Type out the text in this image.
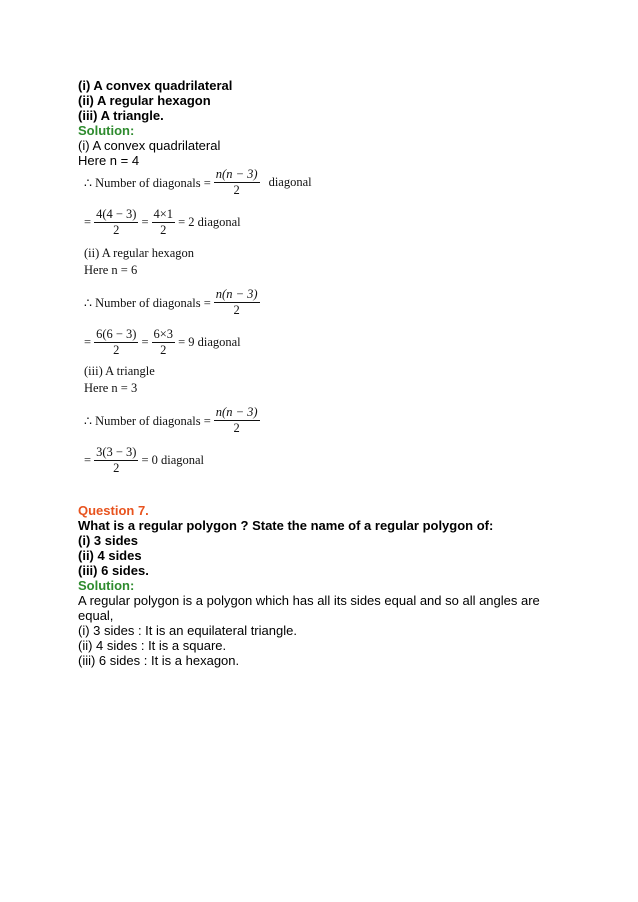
(i) A convex quadrilateral
(ii) A regular hexagon
(iii) A triangle.
Solution:
(i) A convex quadrilateral
Here n = 4
∴ Number of diagonals = $\frac{n(n - 3)}{2}$ diagonal
= $\frac{4(4 - 3)}{2} = \frac{4\times 1}{2} = 2$ diagonal
(ii) A regular hexagon
Here n = 6
∴ Number of diagonals = $\frac{n(n - 3)}{2}$
= $\frac{6(6 - 3)}{2} = \frac{6\times 3}{2} = 9$ diagonal
(iii) A triangle
Here n = 3
∴ Number of diagonals = $\frac{n(n - 3)}{2}$
= $\frac{3(3 - 3)}{2} = 0$ diagonal
Question 7.
What is a regular polygon ? State the name of a regular polygon of:
(i) 3 sides
(ii) 4 sides
(iii) 6 sides.
Solution:
A regular polygon is a polygon which has all its sides equal and so all angles are
equal,
(i) 3 sides : It is an equilateral triangle.
(ii) 4 sides : It is a square.
(iii) 6 sides : It is a hexagon.
